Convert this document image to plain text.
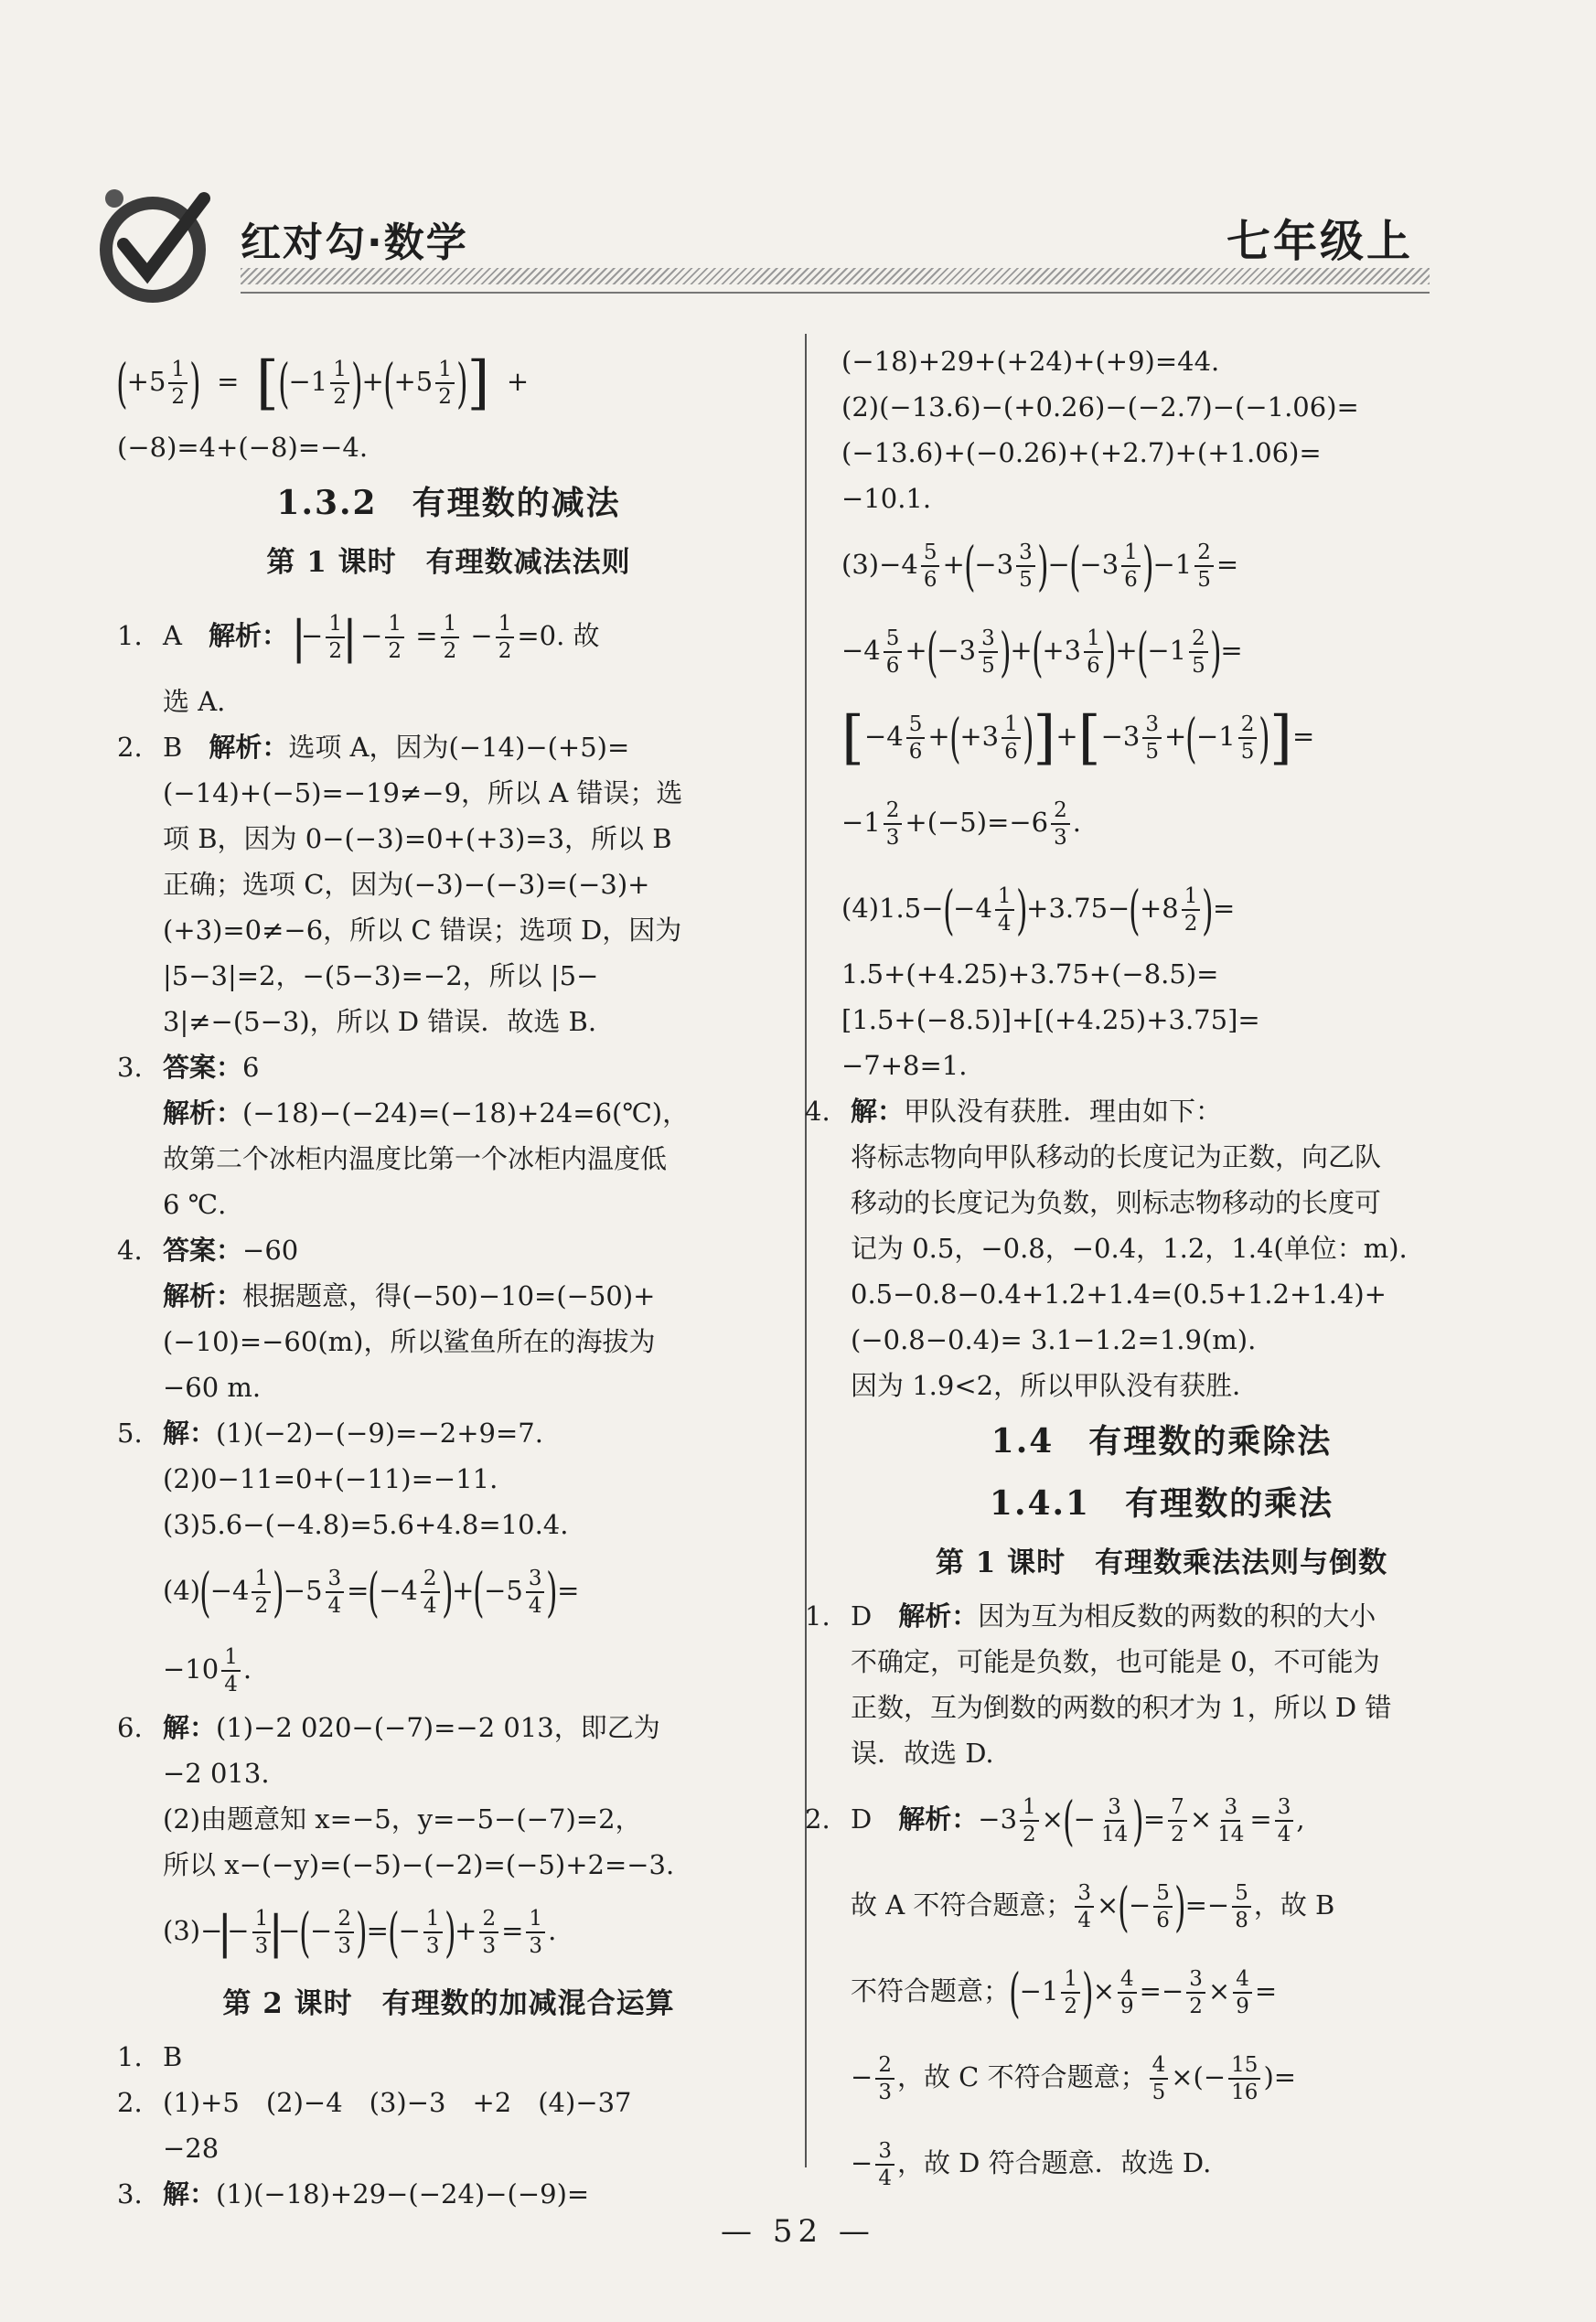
红对勾·数学	七年级上
($+5 \frac{1}{2}$ ) = [$(-1 \frac{1}{2} )+(+5 \frac{1}{2}$ )] +
(−8)=4+(−8)=−4.
1.3.2　有理数的减法
第 1 课时　有理数减法法则
1. A　解析： |− $\frac{1}{2}$
| − $\frac{1}{2} = \frac{1}{2} - \frac{1}{2} =0$. 故
选 A.
2. B　解析：选项 A，因为(−14)−(+5)=
(−14)+(−5)=−19≠−9，所以 A 错误；选
项 B，因为 0−(−3)=0+(+3)=3，所以 B
正确；选项 C，因为(−3)−(−3)=(−3)+
(+3)=0≠−6，所以 C 错误；选项 D，因为
|5−3|=2，−(5−3)=−2，所以 |5−
3|≠−(5−3)，所以 D 错误．故选 B.
3. 答案：6
解析：(−18)−(−24)=(−18)+24=6(℃)，
故第二个冰柜内温度比第一个冰柜内温度低
6 ℃.
4. 答案：−60
解析：根据题意，得(−50)−10=(−50)+
(−10)=−60(m)，所以鲨鱼所在的海拔为
−60 m.
5. 解：(1)(−2)−(−9)=−2+9=7.
(2)0−11=0+(−11)=−11.
(3)5.6−(−4.8)=5.6+4.8=10.4.
$(4)(-4 \frac{1}{2} )-5 \frac{3}{4} =(-4 \frac{2}{4} )+(-5 \frac{3}{4}$ )=
$-10 \frac{1}{4}$ .
6. 解：(1)−2 020−(−7)=−2 013，即乙为
−2 013.
(2)由题意知 x=−5，y=−5−(−7)=2，
所以 x−(−y)=(−5)−(−2)=(−5)+2=−3.
$(3)-|- \frac{1}{3}$
|−(− $\frac{2}{3}$ )=(− $\frac{1}{3}$ )+ $\frac{2}{3} = \frac{1}{3}$ .
第 2 课时　有理数的加减混合运算
1. B
2. (1)+5　(2)−4　(3)−3　+2　(4)−37
−28
3. 解：(1)(−18)+29−(−24)−(−9)=
(−18)+29+(+24)+(+9)=44.
(2)(−13.6)−(+0.26)−(−2.7)−(−1.06)=
(−13.6)+(−0.26)+(+2.7)+(+1.06)=
−10.1.
$(3)-4 \frac{5}{6} +(-3 \frac{3}{5} )-(-3 \frac{1}{6} )-1 \frac{2}{5}$ =
$-4 \frac{5}{6} +(-3 \frac{3}{5} )+(+3 \frac{1}{6} )+(-1 \frac{2}{5}$ )=
$[-4 \frac{5}{6} +(+3 \frac{1}{6} )]+[-3 \frac{3}{5} +(-1 \frac{2}{5}$ )]=
$-1 \frac{2}{3} +(-5)=-6 \frac{2}{3}$ .
$(4)1.5-(-4 \frac{1}{4} )+3.75-(+8 \frac{1}{2}$ )=
1.5+(+4.25)+3.75+(−8.5)=
[1.5+(−8.5)]+[(+4.25)+3.75]=
−7+8=1.
4. 解：甲队没有获胜．理由如下：
将标志物向甲队移动的长度记为正数，向乙队
移动的长度记为负数，则标志物移动的长度可
记为 0.5，−0.8，−0.4，1.2，1.4(单位：m).
0.5−0.8−0.4+1.2+1.4=(0.5+1.2+1.4)+
(−0.8−0.4)= 3.1−1.2=1.9(m).
因为 1.9<2，所以甲队没有获胜．
1.4　有理数的乘除法
1.4.1　有理数的乘法
第 1 课时　有理数乘法法则与倒数
1. D　解析：因为互为相反数的两数的积的大小
不确定，可能是负数，也可能是 0，不可能为
正数，互为倒数的两数的积才为 1，所以 D 错
误．故选 D.
2. D　解析：$-3 \frac{1}{2}$ ×(− $\frac{3}{14}$ )= $\frac{7}{2} \times \frac{3}{14} = \frac{3}{4}$ ,
故 A 不符合题意； $\frac{3}{4}$ ×(− $\frac{5}{6}$ )=− $\frac{5}{8}$ ，故 B
不符合题意；($-1 \frac{1}{2}$ )× $\frac{4}{9} =- \frac{3}{2} \times \frac{4}{9}$ =
− $\frac{2}{3}$ ，故 C 不符合题意； $\frac{4}{5}$ ×(− $\frac{15}{16}$ )=
− $\frac{3}{4}$ ，故 D 符合题意．故选 D.
— 52 —
